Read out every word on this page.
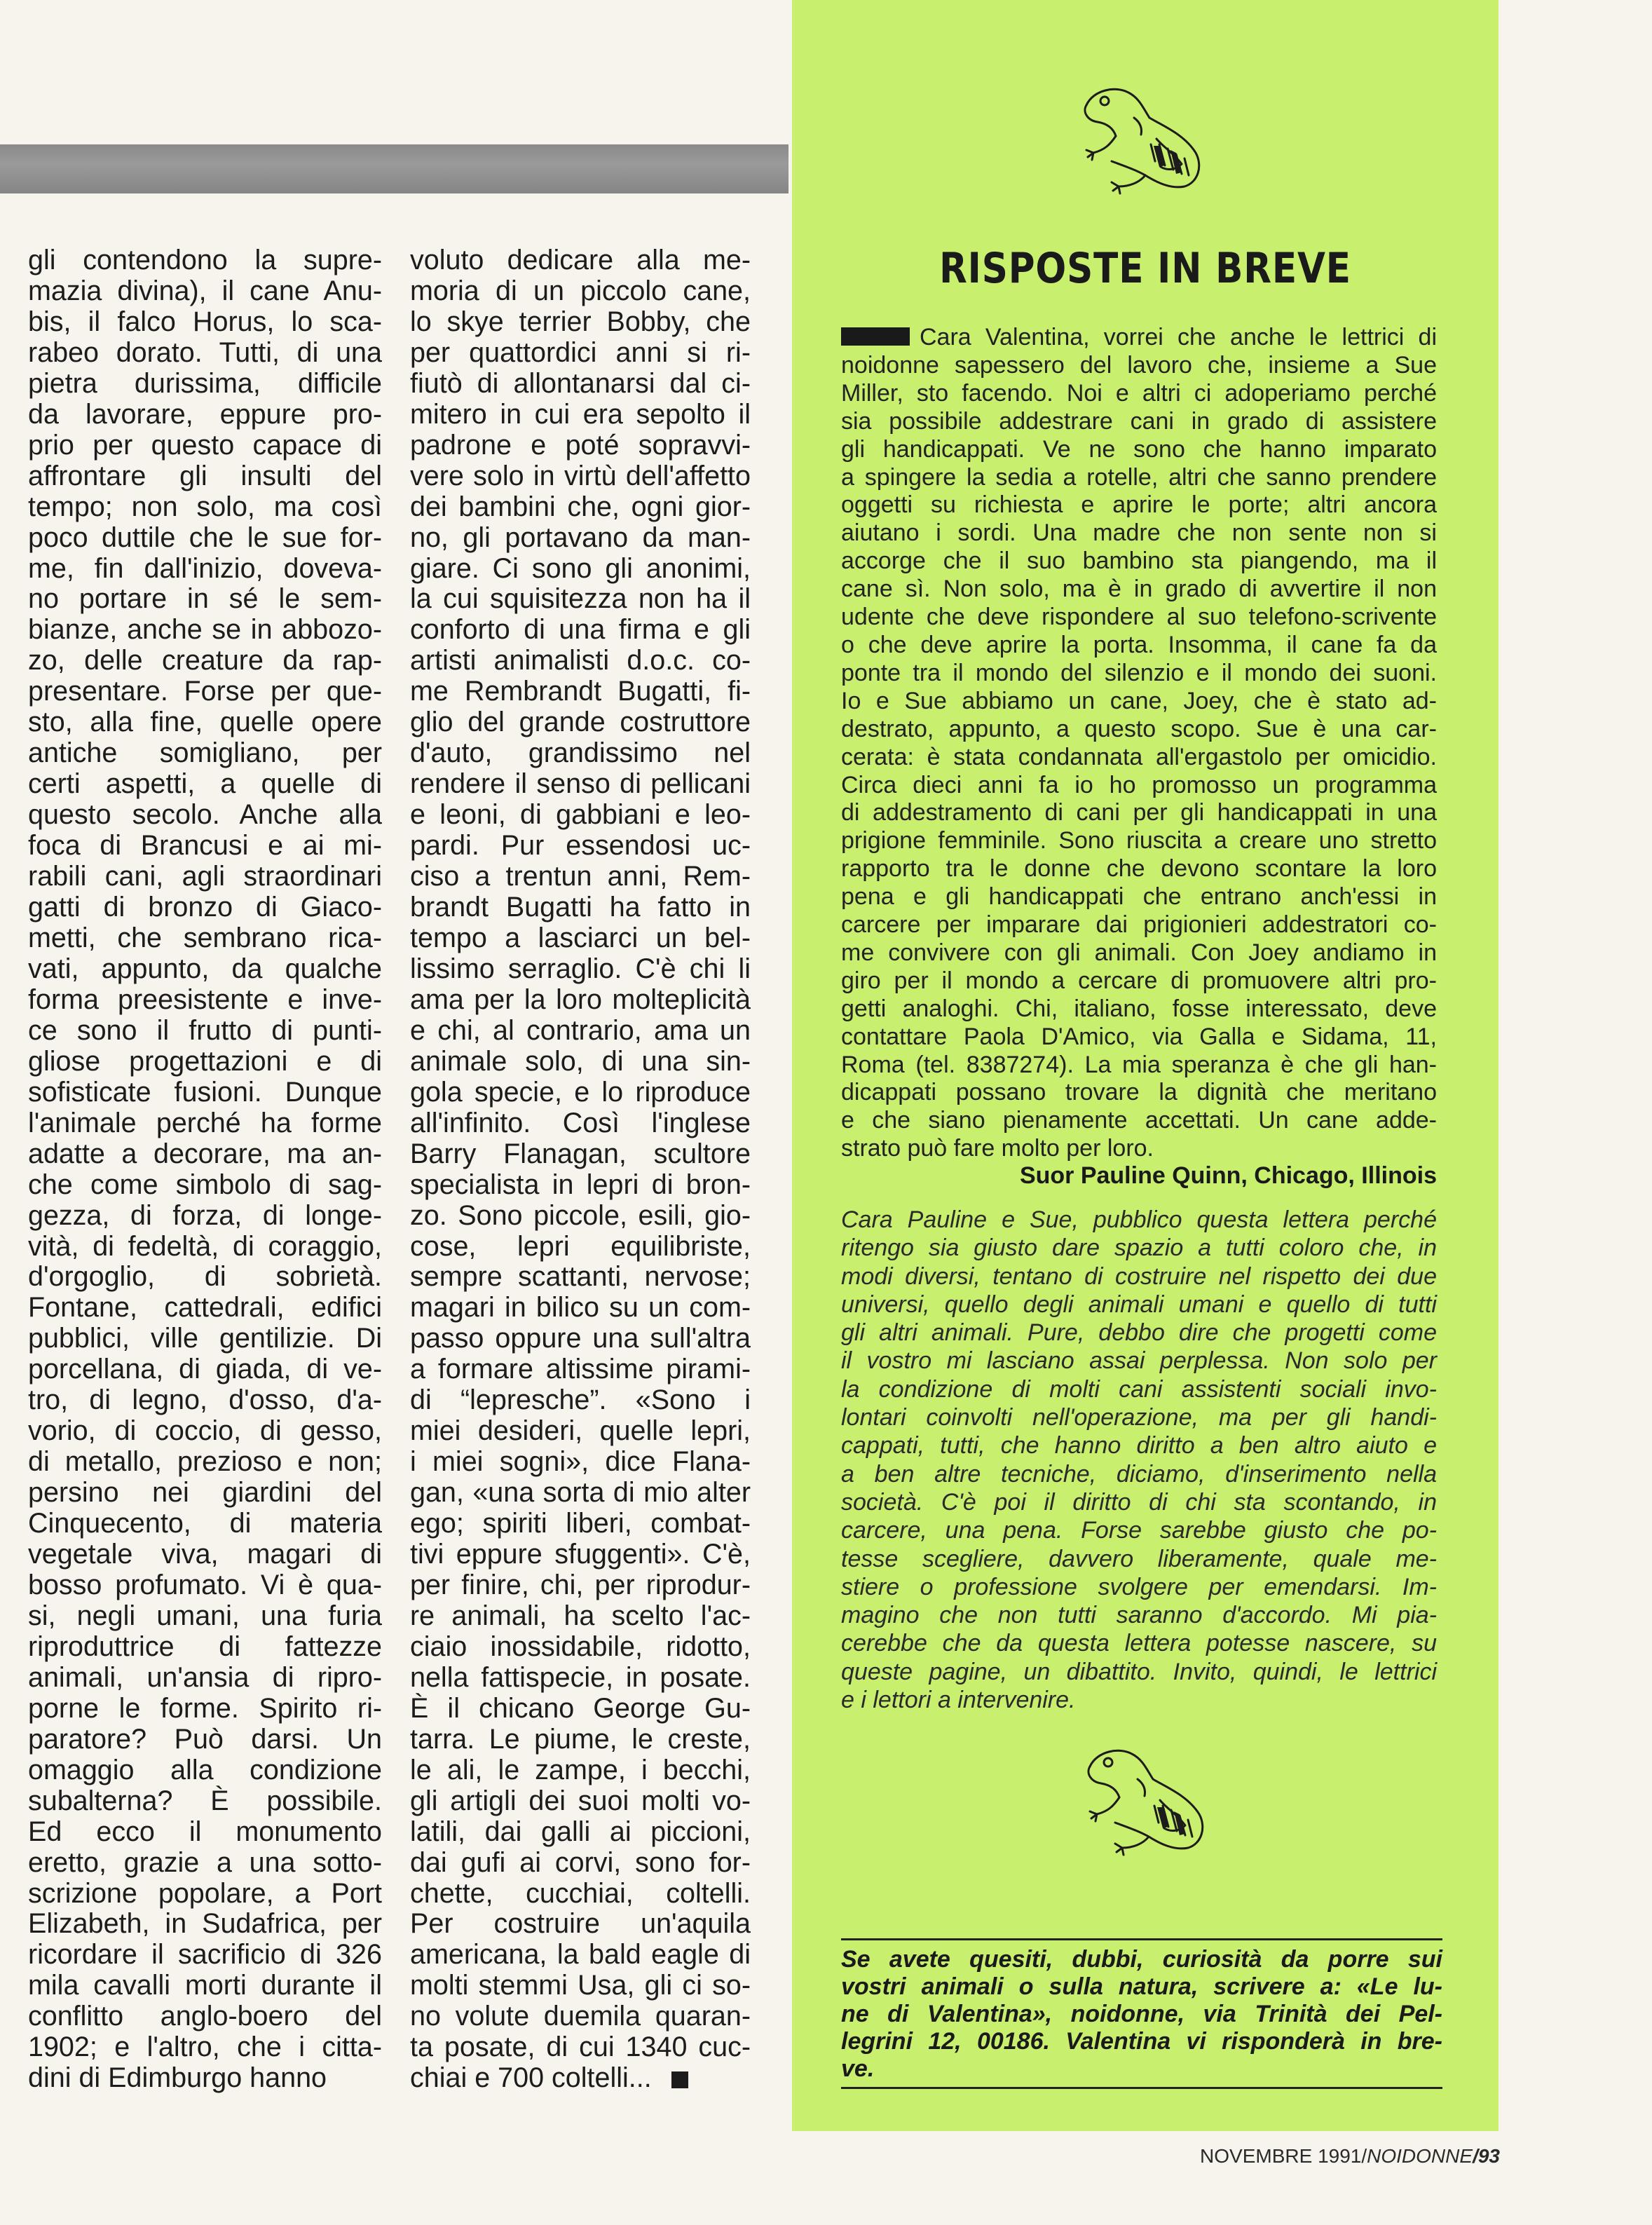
gli contendono la supre-
mazia divina), il cane Anu-
bis, il falco Horus, lo sca-
rabeo dorato. Tutti, di una
pietra durissima, difficile
da lavorare, eppure pro-
prio per questo capace di
affrontare gli insulti del
tempo; non solo, ma così
poco duttile che le sue for-
me, fin dall'inizio, doveva-
no portare in sé le sem-
bianze, anche se in abbozo-
zo, delle creature da rap-
presentare. Forse per que-
sto, alla fine, quelle opere
antiche somigliano, per
certi aspetti, a quelle di
questo secolo. Anche alla
foca di Brancusi e ai mi-
rabili cani, agli straordinari
gatti di bronzo di Giaco-
metti, che sembrano rica-
vati, appunto, da qualche
forma preesistente e inve-
ce sono il frutto di punti-
gliose progettazioni e di
sofisticate fusioni. Dunque
l'animale perché ha forme
adatte a decorare, ma an-
che come simbolo di sag-
gezza, di forza, di longe-
vità, di fedeltà, di coraggio,
d'orgoglio, di sobrietà.
Fontane, cattedrali, edifici
pubblici, ville gentilizie. Di
porcellana, di giada, di ve-
tro, di legno, d'osso, d'a-
vorio, di coccio, di gesso,
di metallo, prezioso e non;
persino nei giardini del
Cinquecento, di materia
vegetale viva, magari di
bosso profumato. Vi è qua-
si, negli umani, una furia
riproduttrice di fattezze
animali, un'ansia di ripro-
porne le forme. Spirito ri-
paratore? Può darsi. Un
omaggio alla condizione
subalterna? È possibile.
Ed ecco il monumento
eretto, grazie a una sotto-
scrizione popolare, a Port
Elizabeth, in Sudafrica, per
ricordare il sacrificio di 326
mila cavalli morti durante il
conflitto anglo-boero del
1902; e l'altro, che i citta-
dini di Edimburgo hanno
voluto dedicare alla me-
moria di un piccolo cane,
lo skye terrier Bobby, che
per quattordici anni si ri-
fiutò di allontanarsi dal ci-
mitero in cui era sepolto il
padrone e poté sopravvi-
vere solo in virtù dell'affetto
dei bambini che, ogni gior-
no, gli portavano da man-
giare. Ci sono gli anonimi,
la cui squisitezza non ha il
conforto di una firma e gli
artisti animalisti d.o.c. co-
me Rembrandt Bugatti, fi-
glio del grande costruttore
d'auto, grandissimo nel
rendere il senso di pellicani
e leoni, di gabbiani e leo-
pardi. Pur essendosi uc-
ciso a trentun anni, Rem-
brandt Bugatti ha fatto in
tempo a lasciarci un bel-
lissimo serraglio. C'è chi li
ama per la loro molteplicità
e chi, al contrario, ama un
animale solo, di una sin-
gola specie, e lo riproduce
all'infinito. Così l'inglese
Barry Flanagan, scultore
specialista in lepri di bron-
zo. Sono piccole, esili, gio-
cose, lepri equilibriste,
sempre scattanti, nervose;
magari in bilico su un com-
passo oppure una sull'altra
a formare altissime pirami-
di “lepresche”. «Sono i
miei desideri, quelle lepri,
i miei sogni», dice Flana-
gan, «una sorta di mio alter
ego; spiriti liberi, combat-
tivi eppure sfuggenti». C'è,
per finire, chi, per riprodur-
re animali, ha scelto l'ac-
ciaio inossidabile, ridotto,
nella fattispecie, in posate.
È il chicano George Gu-
tarra. Le piume, le creste,
le ali, le zampe, i becchi,
gli artigli dei suoi molti vo-
latili, dai galli ai piccioni,
dai gufi ai corvi, sono for-
chette, cucchiai, coltelli.
Per costruire un'aquila
americana, la bald eagle di
molti stemmi Usa, gli ci so-
no volute duemila quaran-
ta posate, di cui 1340 cuc-
chiai e 700 coltelli...
RISPOSTE IN BREVE
Cara Valentina, vorrei che anche le lettrici di
noidonne sapessero del lavoro che, insieme a Sue
Miller, sto facendo. Noi e altri ci adoperiamo perché
sia possibile addestrare cani in grado di assistere
gli handicappati. Ve ne sono che hanno imparato
a spingere la sedia a rotelle, altri che sanno prendere
oggetti su richiesta e aprire le porte; altri ancora
aiutano i sordi. Una madre che non sente non si
accorge che il suo bambino sta piangendo, ma il
cane sì. Non solo, ma è in grado di avvertire il non
udente che deve rispondere al suo telefono-scrivente
o che deve aprire la porta. Insomma, il cane fa da
ponte tra il mondo del silenzio e il mondo dei suoni.
Io e Sue abbiamo un cane, Joey, che è stato ad-
destrato, appunto, a questo scopo. Sue è una car-
cerata: è stata condannata all'ergastolo per omicidio.
Circa dieci anni fa io ho promosso un programma
di addestramento di cani per gli handicappati in una
prigione femminile. Sono riuscita a creare uno stretto
rapporto tra le donne che devono scontare la loro
pena e gli handicappati che entrano anch'essi in
carcere per imparare dai prigionieri addestratori co-
me convivere con gli animali. Con Joey andiamo in
giro per il mondo a cercare di promuovere altri pro-
getti analoghi. Chi, italiano, fosse interessato, deve
contattare Paola D'Amico, via Galla e Sidama, 11,
Roma (tel. 8387274). La mia speranza è che gli han-
dicappati possano trovare la dignità che meritano
e che siano pienamente accettati. Un cane adde-
strato può fare molto per loro.
Suor Pauline Quinn, Chicago, Illinois
Cara Pauline e Sue, pubblico questa lettera perché
ritengo sia giusto dare spazio a tutti coloro che, in
modi diversi, tentano di costruire nel rispetto dei due
universi, quello degli animali umani e quello di tutti
gli altri animali. Pure, debbo dire che progetti come
il vostro mi lasciano assai perplessa. Non solo per
la condizione di molti cani assistenti sociali invo-
lontari coinvolti nell'operazione, ma per gli handi-
cappati, tutti, che hanno diritto a ben altro aiuto e
a ben altre tecniche, diciamo, d'inserimento nella
società. C'è poi il diritto di chi sta scontando, in
carcere, una pena. Forse sarebbe giusto che po-
tesse scegliere, davvero liberamente, quale me-
stiere o professione svolgere per emendarsi. Im-
magino che non tutti saranno d'accordo. Mi pia-
cerebbe che da questa lettera potesse nascere, su
queste pagine, un dibattito. Invito, quindi, le lettrici
e i lettori a intervenire.
Se avete quesiti, dubbi, curiosità da porre sui
vostri animali o sulla natura, scrivere a: «Le lu-
ne di Valentina», noidonne, via Trinità dei Pel-
legrini 12, 00186. Valentina vi risponderà in bre-
ve.
NOVEMBRE 1991/NOIDONNE/93
